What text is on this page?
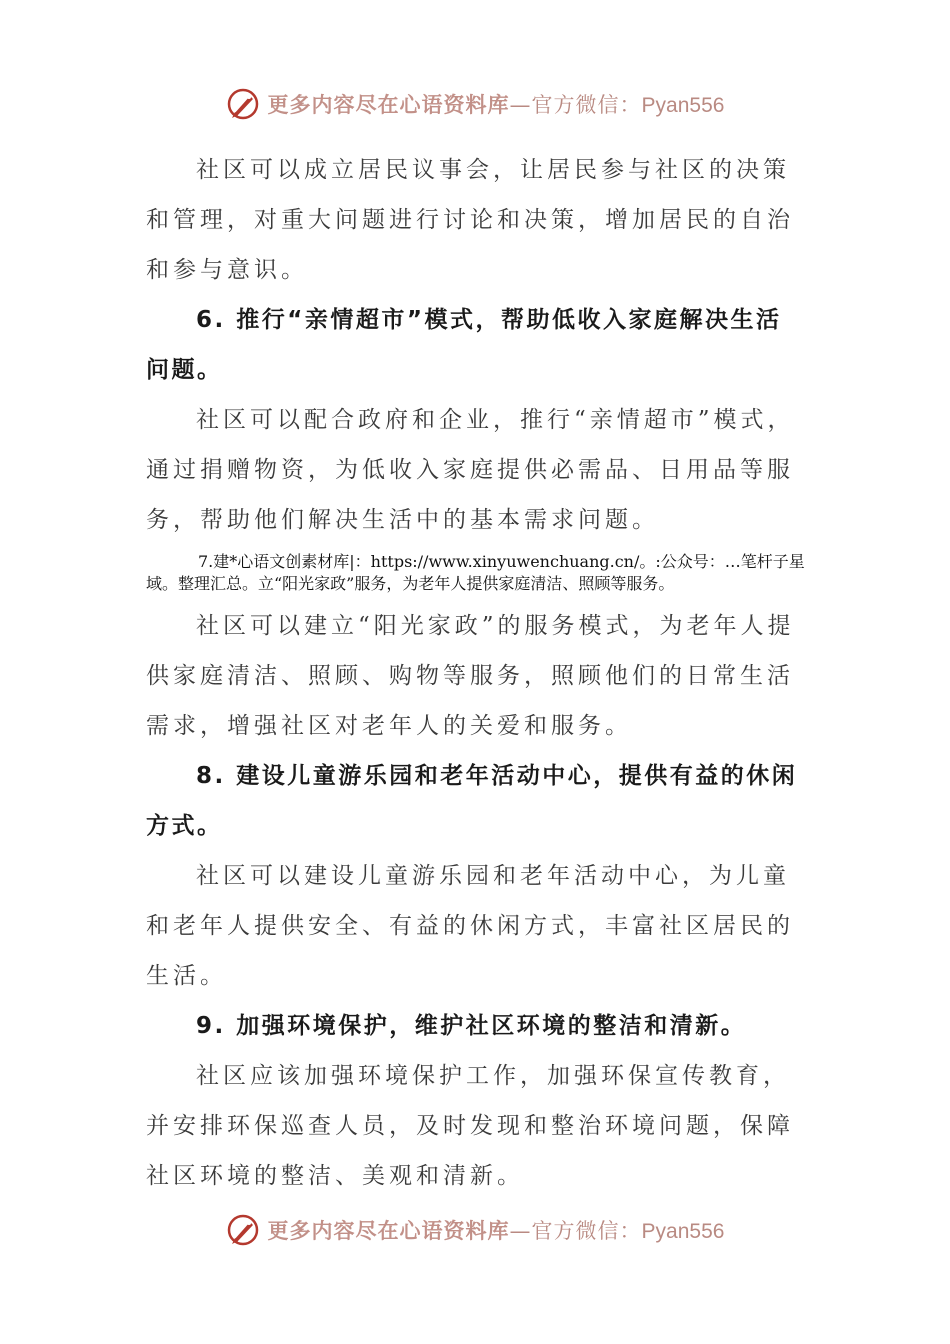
更多内容尽在心语资料库—官方微信：Pyan556

社区可以成立居民议事会，让居民参与社区的决策和管理，对重大问题进行讨论和决策，增加居民的自治和参与意识。

6. 推行“亲情超市”模式，帮助低收入家庭解决生活问题。

社区可以配合政府和企业，推行“亲情超市”模式，通过捐赠物资，为低收入家庭提供必需品、日用品等服务，帮助他们解决生活中的基本需求问题。

7.建*心语文创素材库|：https://www.xinyuwenchuang.cn/。:公众号：…笔杆子星域。整理汇总。立“阳光家政”服务，为老年人提供家庭清洁、照顾等服务。

社区可以建立“阳光家政”的服务模式，为老年人提供家庭清洁、照顾、购物等服务，照顾他们的日常生活需求，增强社区对老年人的关爱和服务。

8. 建设儿童游乐园和老年活动中心，提供有益的休闲方式。

社区可以建设儿童游乐园和老年活动中心，为儿童和老年人提供安全、有益的休闲方式，丰富社区居民的生活。

9. 加强环境保护，维护社区环境的整洁和清新。

社区应该加强环境保护工作，加强环保宣传教育，并安排环保巡查人员，及时发现和整治环境问题，保障社区环境的整洁、美观和清新。

更多内容尽在心语资料库—官方微信：Pyan556
